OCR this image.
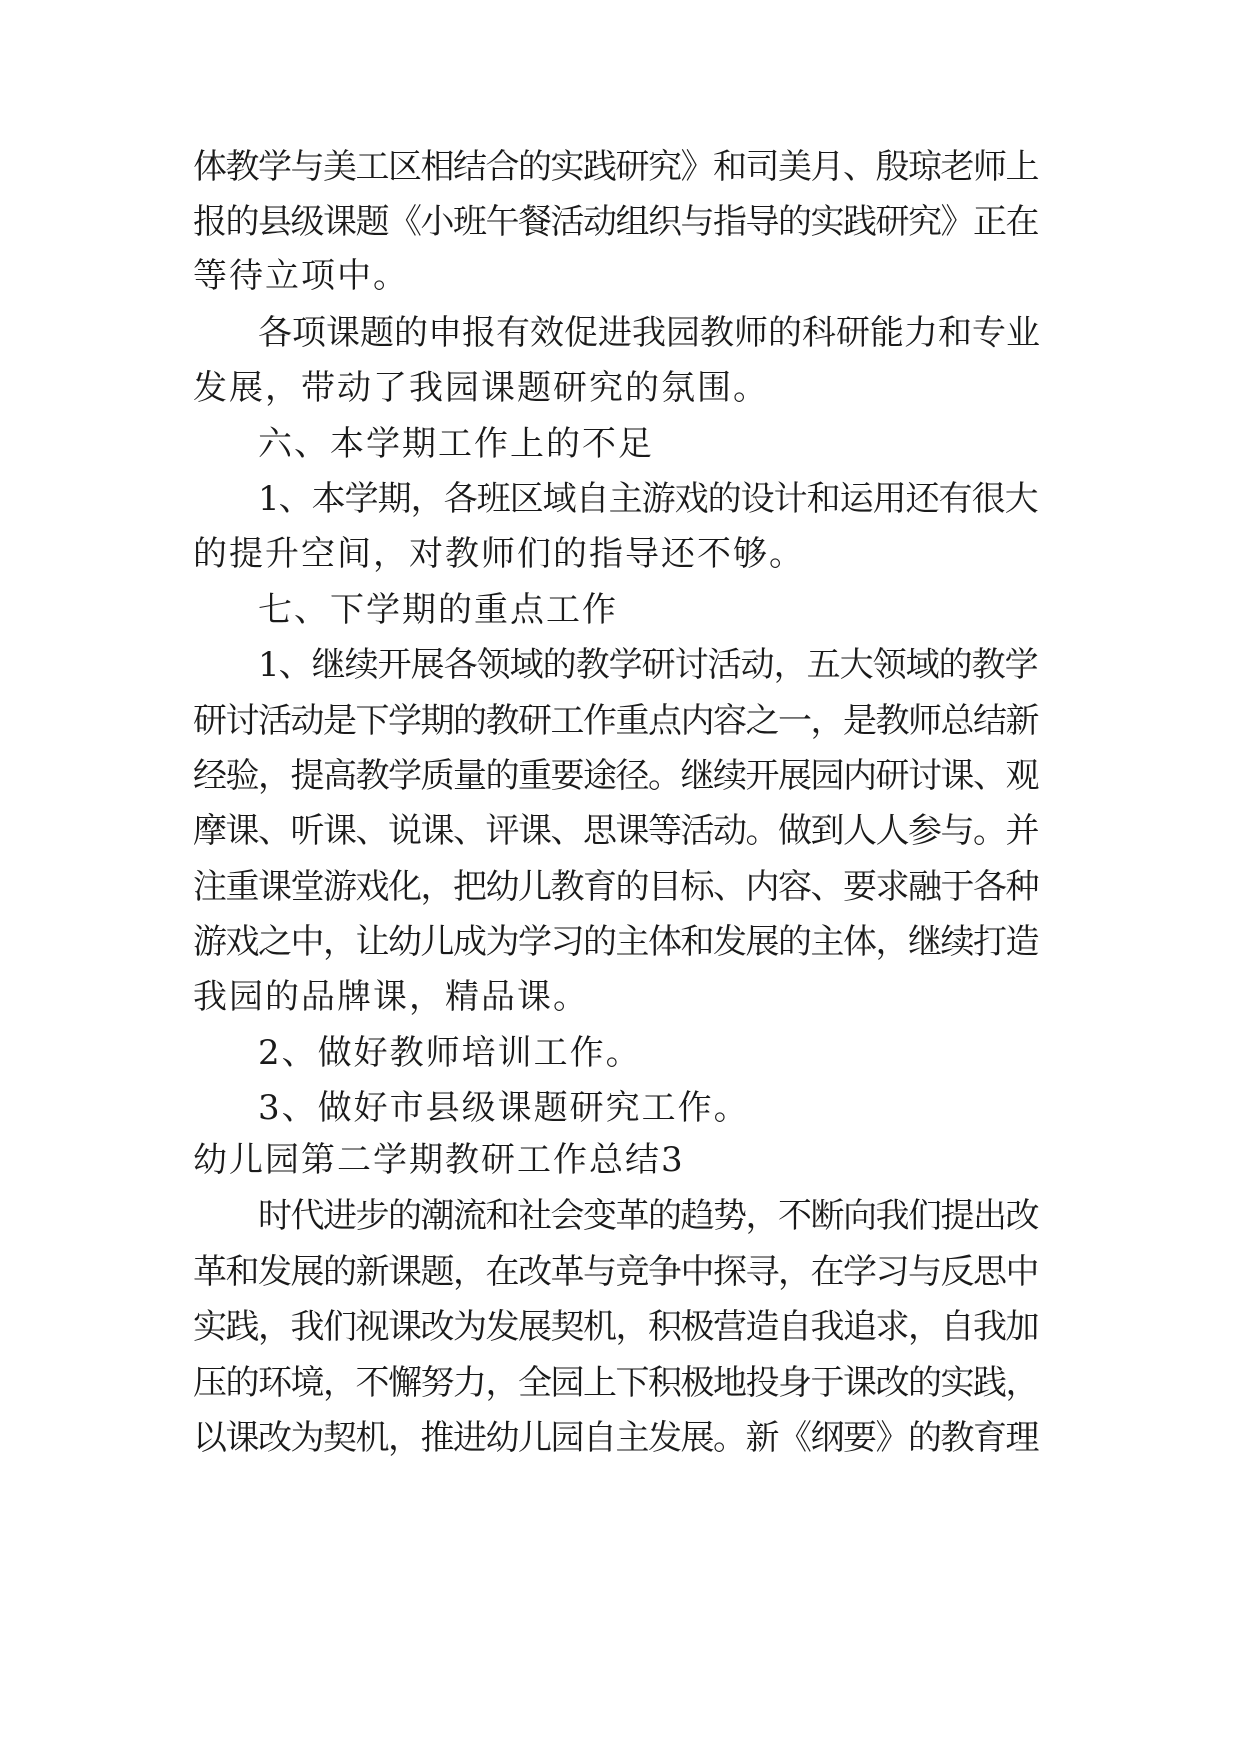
体教学与美工区相结合的实践研究》和司美月、殷琼老师上

报的县级课题《小班午餐活动组织与指导的实践研究》正在

等待立项中。

各项课题的申报有效促进我园教师的科研能力和专业

发展，带动了我园课题研究的氛围。

六、本学期工作上的不足

1、本学期，各班区域自主游戏的设计和运用还有很大

的提升空间，对教师们的指导还不够。

七、下学期的重点工作

1、继续开展各领域的教学研讨活动，五大领域的教学

研讨活动是下学期的教研工作重点内容之一，是教师总结新

经验，提高教学质量的重要途径。继续开展园内研讨课、观

摩课、听课、说课、评课、思课等活动。做到人人参与。并

注重课堂游戏化，把幼儿教育的目标、内容、要求融于各种

游戏之中，让幼儿成为学习的主体和发展的主体，继续打造

我园的品牌课，精品课。

2、做好教师培训工作。

3、做好市县级课题研究工作。

幼儿园第二学期教研工作总结3

时代进步的潮流和社会变革的趋势，不断向我们提出改

革和发展的新课题，在改革与竞争中探寻，在学习与反思中

实践，我们视课改为发展契机，积极营造自我追求，自我加

压的环境，不懈努力，全园上下积极地投身于课改的实践，

以课改为契机，推进幼儿园自主发展。新《纲要》的教育理
